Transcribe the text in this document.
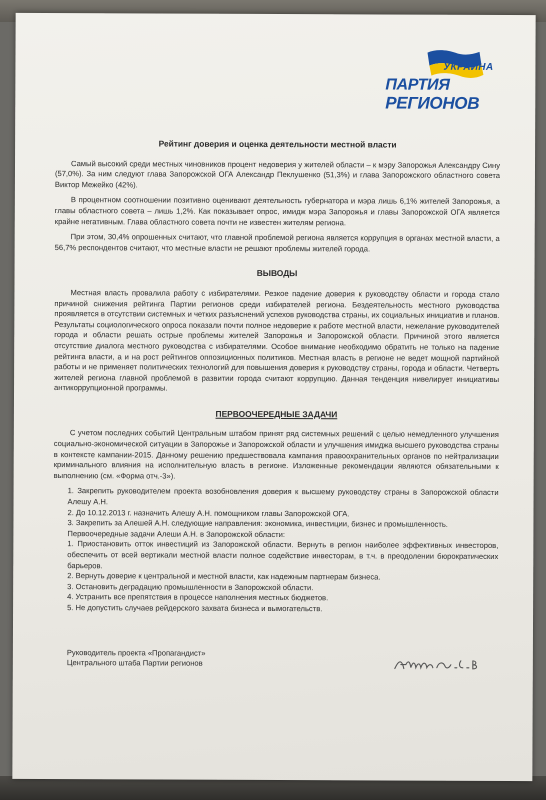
УКРАИНА
ПАРТИЯ
РЕГИОНОВ

Рейтинг доверия и оценка деятельности местной власти

Самый высокий среди местных чиновников процент недоверия у жителей области – к мэру Запорожья Александру Сину (57,0%). За ним следуют глава Запорожской ОГА Александр Пеклушенко (51,3%) и глава Запорожского областного совета Виктор Межейко (42%).

В процентном соотношении позитивно оценивают деятельность губернатора и мэра лишь 6,1% жителей Запорожья, а главы областного совета – лишь 1,2%. Как показывает опрос, имидж мэра Запорожья и главы Запорожской ОГА является крайне негативным. Глава областного совета почти не известен жителям региона.

При этом, 30,4% опрошенных считают, что главной проблемой региона является коррупция в органах местной власти, а 56,7% респондентов считают, что местные власти не решают проблемы жителей города.

ВЫВОДЫ

Местная власть провалила работу с избирателями. Резкое падение доверия к руководству области и города стало причиной снижения рейтинга Партии регионов среди избирателей региона. Бездеятельность местного руководства проявляется в отсутствии системных и четких разъяснений успехов руководства страны, их социальных инициатив и планов. Результаты социологического опроса показали почти полное недоверие к работе местной власти, нежелание руководителей города и области решать острые проблемы жителей Запорожья и Запорожской области. Причиной этого является отсутствие диалога местного руководства с избирателями. Особое внимание необходимо обратить не только на падение рейтинга власти, а и на рост рейтингов оппозиционных политиков. Местная власть в регионе не ведет мощной партийной работы и не применяет политических технологий для повышения доверия к руководству страны, города и области. Четверть жителей региона главной проблемой в развитии города считают коррупцию. Данная тенденция нивелирует инициативы антикоррупционной программы.

ПЕРВООЧЕРЕДНЫЕ ЗАДАЧИ

С учетом последних событий Центральным штабом принят ряд системных решений с целью немедленного улучшения социально-экономической ситуации в Запорожье и Запорожской области и улучшения имиджа высшего руководства страны в контексте кампании-2015. Данному решению предшествовала кампания правоохранительных органов по нейтрализации криминального влияния на исполнительную власть в регионе. Изложенные рекомендации являются обязательными к выполнению (см. «Форма отч.-3»).

1. Закрепить руководителем проекта возобновления доверия к высшему руководству страны в Запорожской области Алешу А.Н.
2. До 10.12.2013 г. назначить Алешу А.Н. помощником главы Запорожской ОГА.
3. Закрепить за Алешей А.Н. следующие направления: экономика, инвестиции, бизнес и промышленность.
Первоочередные задачи Алеши А.Н. в Запорожской области:
1. Приостановить отток инвестиций из Запорожской области. Вернуть в регион наиболее эффективных инвесторов, обеспечить от всей вертикали местной власти полное содействие инвесторам, в т.ч. в преодолении бюрократических барьеров.
2. Вернуть доверие к центральной и местной власти, как надежным партнерам бизнеса.
3. Остановить деградацию промышленности в Запорожской области.
4. Устранить все препятствия в процессе наполнения местных бюджетов.
5. Не допустить случаев рейдерского захвата бизнеса и вымогательств.

Руководитель проекта «Пропагандист»

Центрального штаба Партии регионов
